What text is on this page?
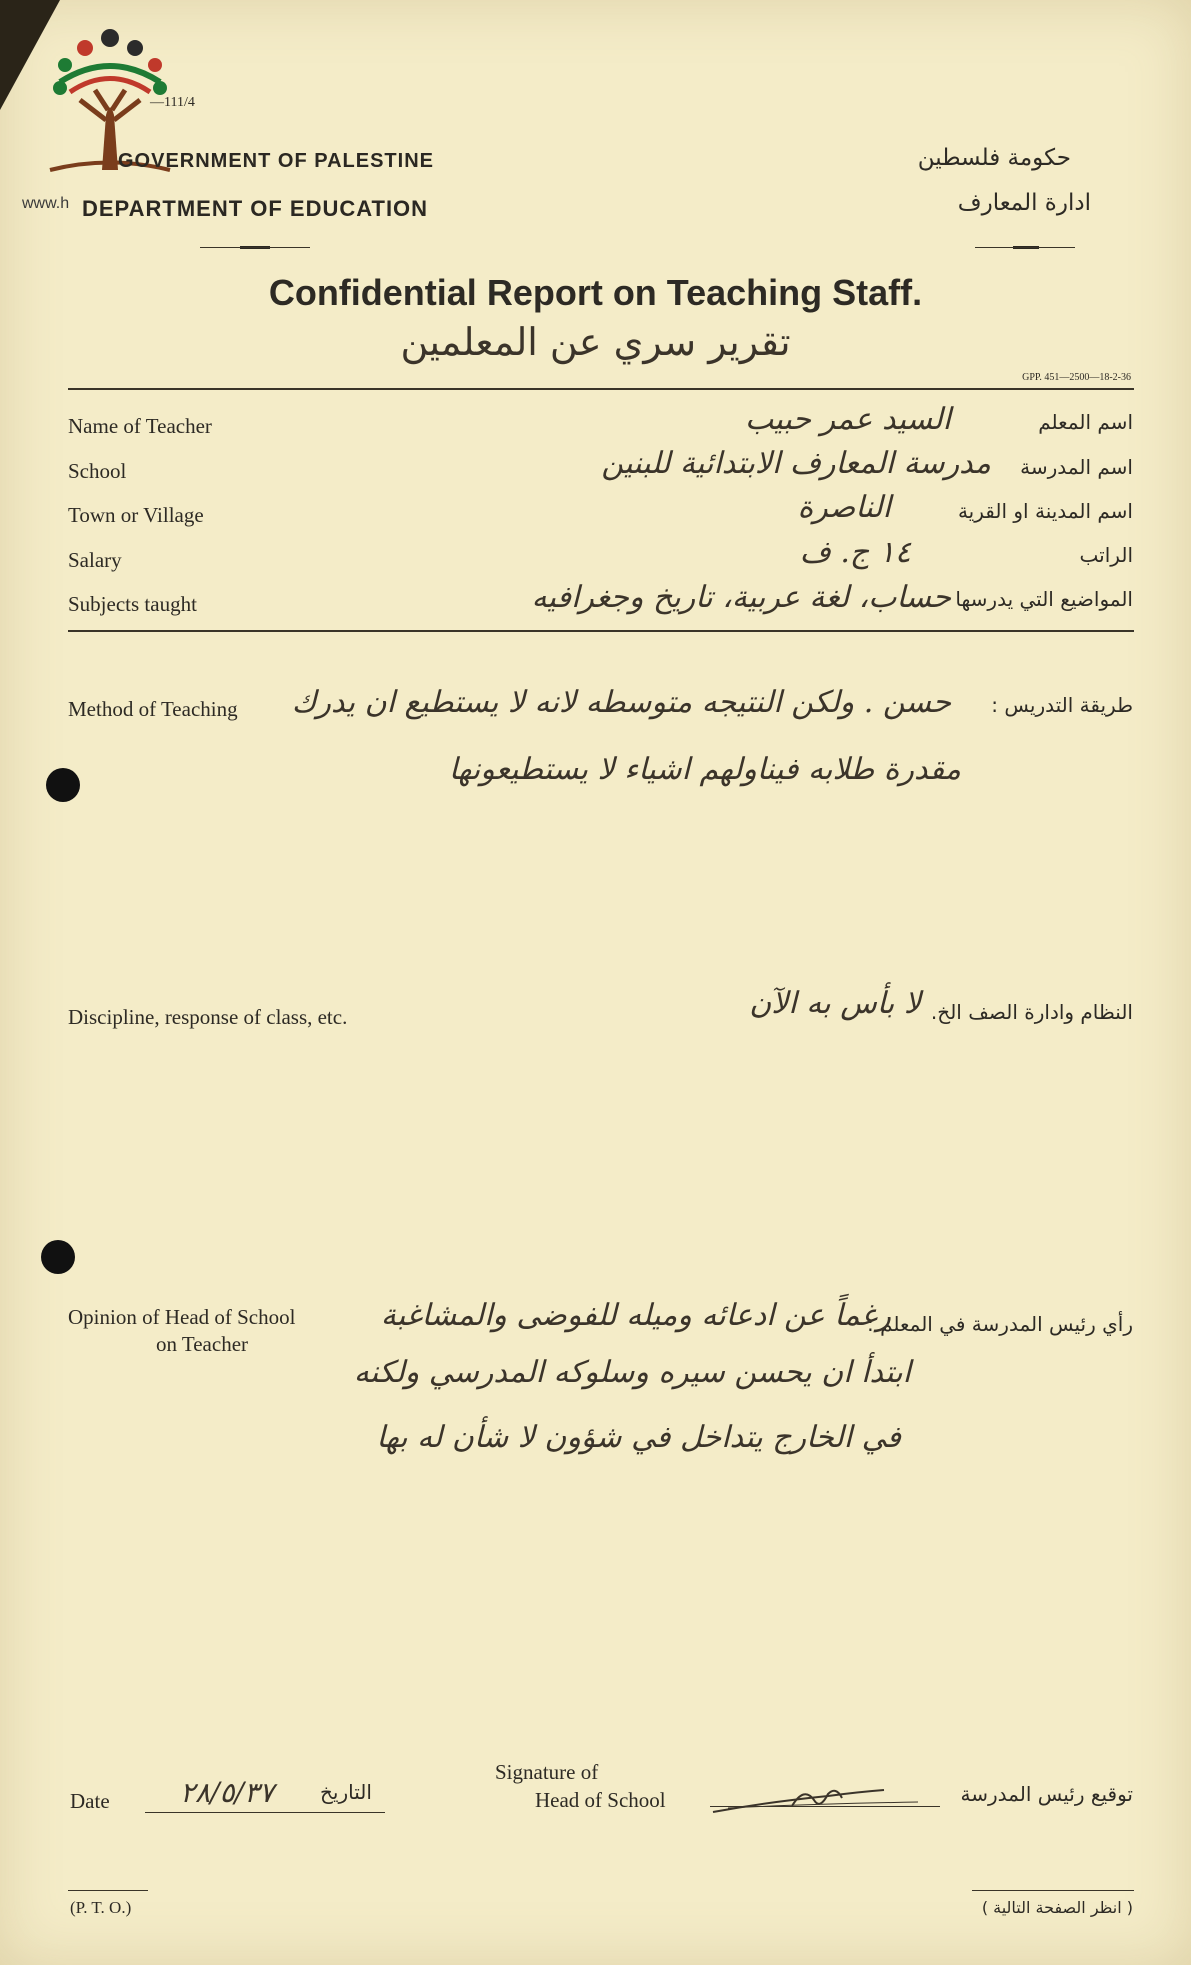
www.h
—111/4
GOVERNMENT OF PALESTINE
DEPARTMENT OF EDUCATION
حكومة فلسطين
ادارة المعارف
Confidential Report on Teaching Staff.
تقرير سري عن المعلمين
GPP. 451—2500—18-2-36
Name of Teacher	اسم المعلم
السيد عمر حبيب
School	اسم المدرسة
مدرسة المعارف الابتدائية للبنين
Town or Village	اسم المدينة او القرية
الناصرة
Salary	الراتب
١٤ ج. ف
Subjects taught	المواضيع التي يدرسها
حساب، لغة عربية، تاريخ وجغرافيه
Method of Teaching	طريقة التدريس :
حسن . ولكن النتيجه متوسطه لانه لا يستطيع ان يدرك
مقدرة طلابه فيناولهم اشياء لا يستطيعونها
Discipline, response of class, etc.	النظام وادارة الصف الخ.
لا بأس به الآن
Opinion of Head of School
on Teacher
رأي رئيس المدرسة في المعلم :
رغماً عن ادعائه وميله للفوضى والمشاغبة
ابتدأ ان يحسن سيره وسلوكه المدرسي ولكنه
في الخارج يتداخل في شؤون لا شأن له بها
Date	٢٨/٥/٣٧ التاريخ
Signature of
Head of School	توقيع رئيس المدرسة
(P. T. O.)	( انظر الصفحة التالية )
